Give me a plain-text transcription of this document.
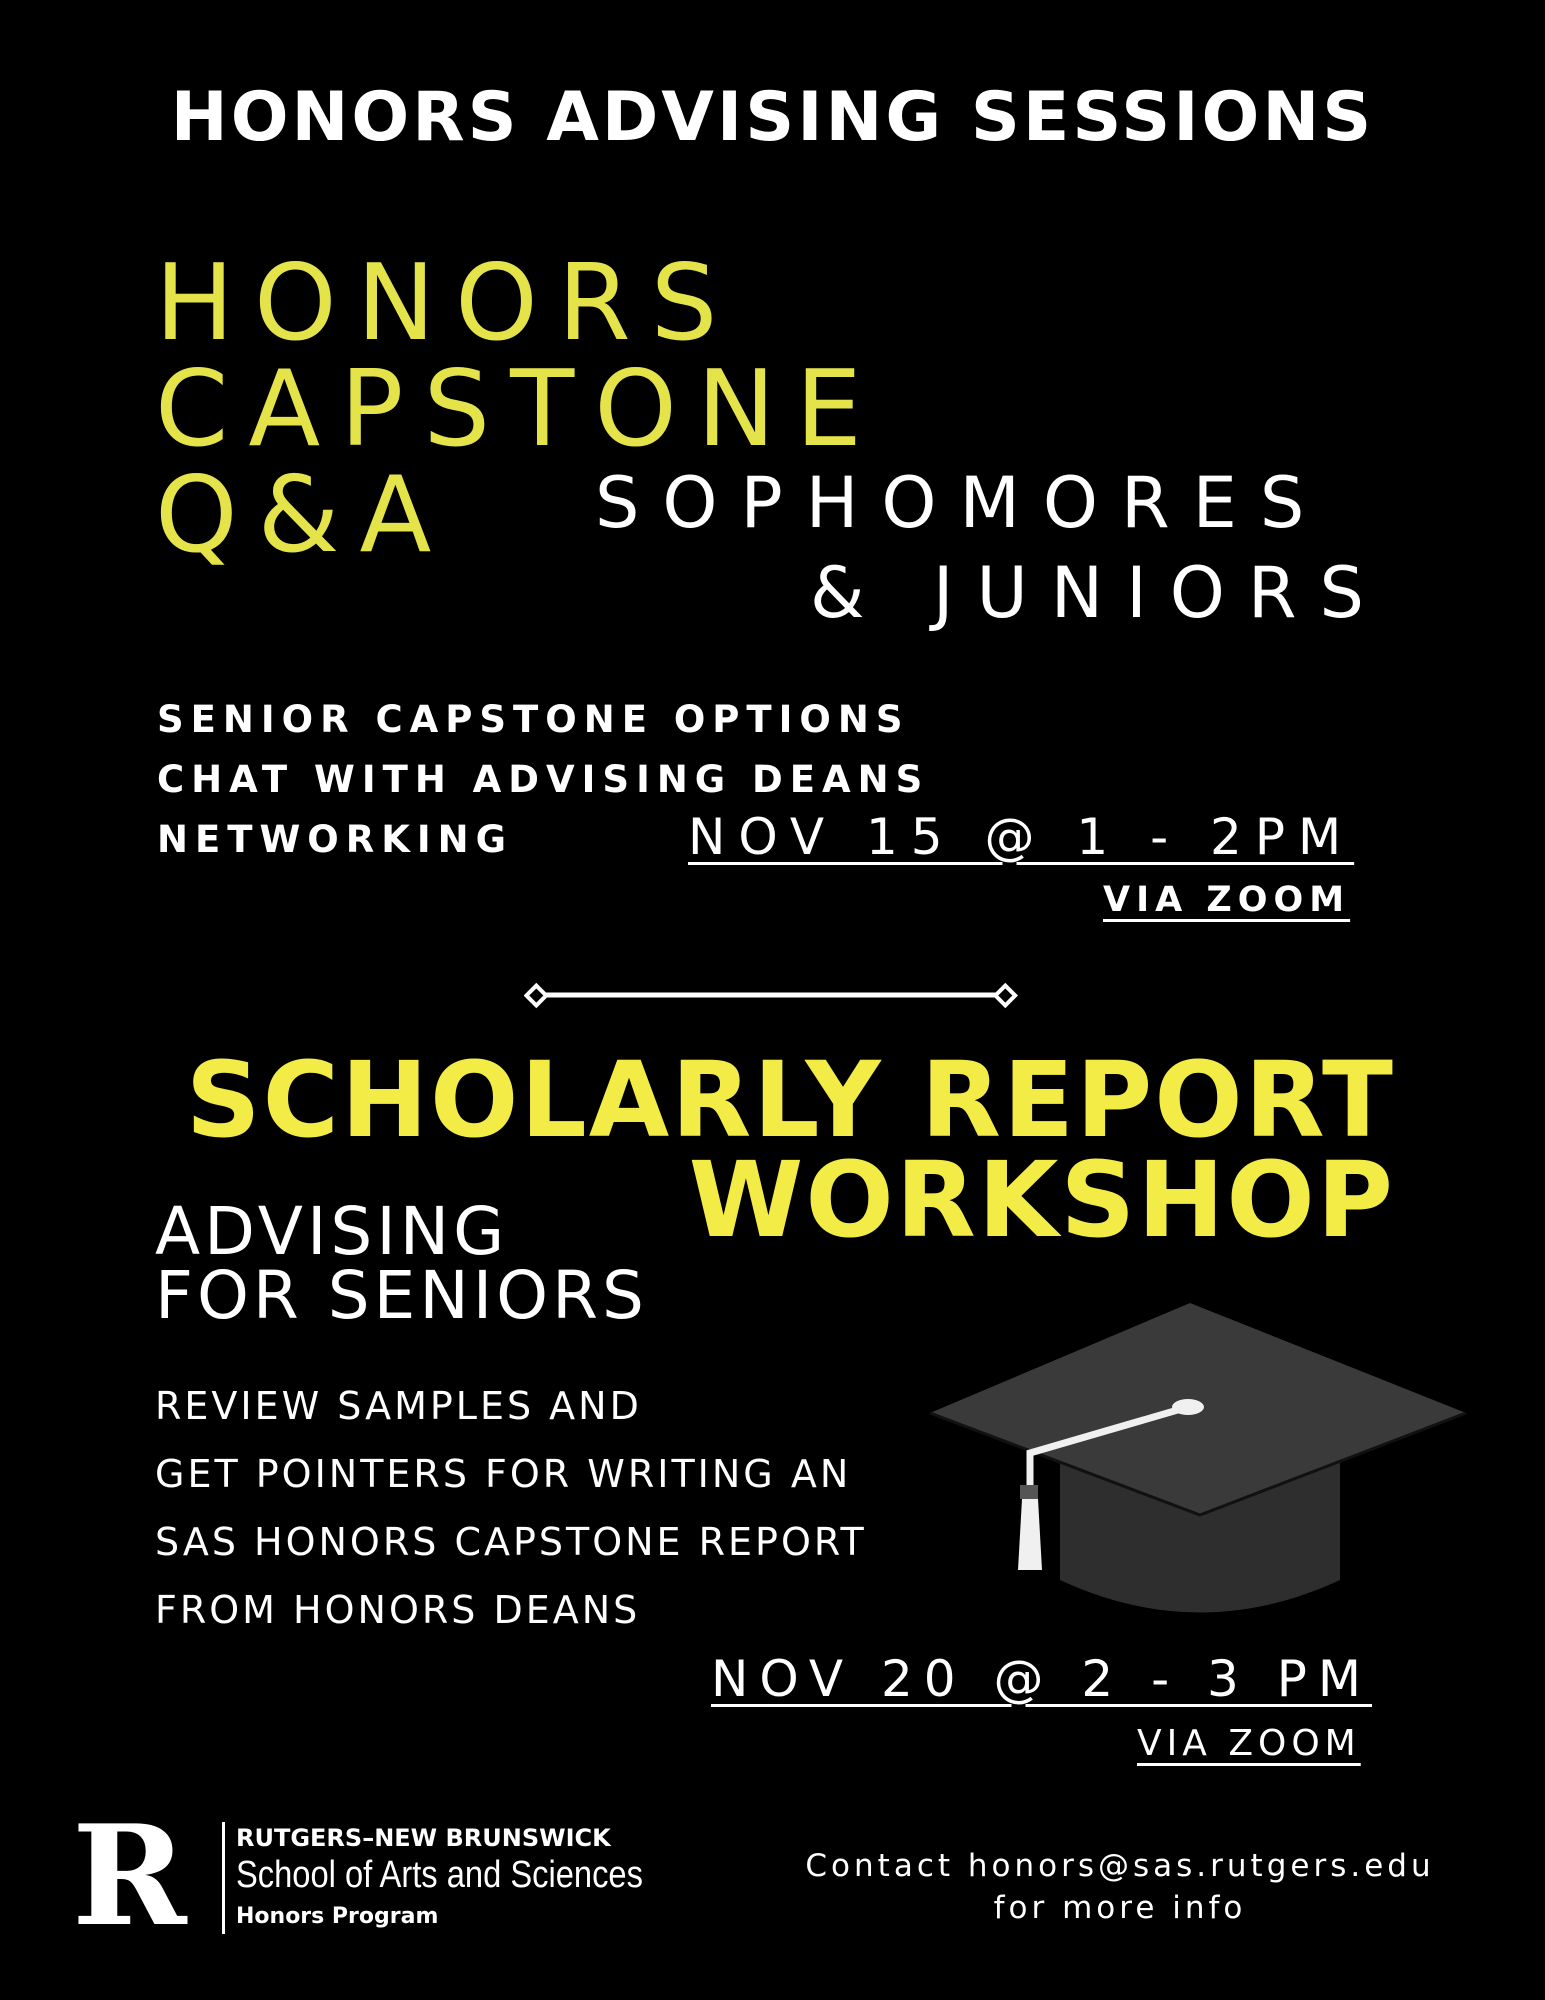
HONORS ADVISING SESSIONS
HONORS
CAPSTONE
Q&A	SOPHOMORES
& JUNIORS
SENIOR CAPSTONE OPTIONS
CHAT WITH ADVISING DEANS
NETWORKING	NOV 15 @ 1 - 2PM
VIA ZOOM
SCHOLARLY REPORT
WORKSHOP
ADVISING
FOR SENIORS
REVIEW SAMPLES AND
GET POINTERS FOR WRITING AN
SAS HONORS CAPSTONE REPORT
FROM HONORS DEANS
NOV 20 @ 2 - 3 PM
VIA ZOOM
R RUTGERS–NEW BRUNSWICK
School of Arts and Sciences
Honors Program
Contact honors@sas.rutgers.edu
for more info
